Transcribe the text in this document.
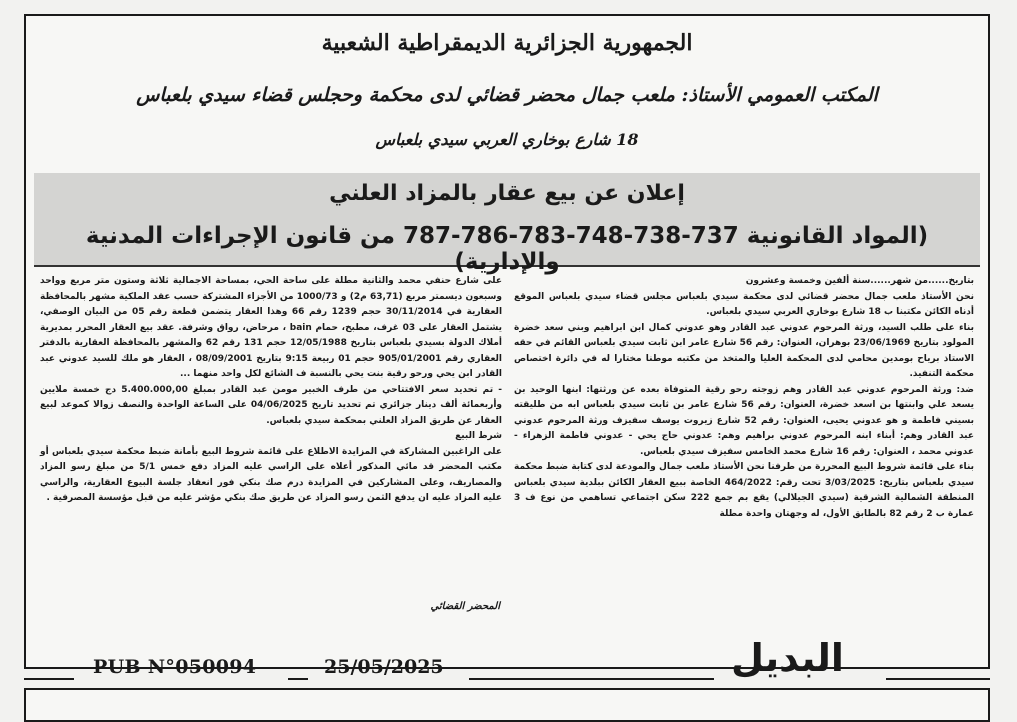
الجمهورية الجزائرية الديمقراطية الشعبية
المكتب العمومي الأستاذ: ملعب جمال محضر قضائي لدى محكمة وحجلس قضاء سيدي بلعباس
18 شارع بوخاري العربي سيدي بلعباس
إعلان عن بيع عقار بالمزاد العلني
(المواد القانونية 737-738-748-783-786-787 من قانون الإجراءات المدنية والإدارية)

بتاريخ......من شهر......سنة ألفين وخمسة وعشرون

نحن الأستاذ ملعب جمال محضر قضائي لدى محكمة سيدي بلعباس مجلس قضاء سيدي بلعباس الموقع أدناه الكائن مكتبنا ب 18 شارع بوخاري العربي سيدي بلعباس.

بناء على طلب السيد، ورثة المرحوم عدوني عبد القادر وهو عدوني كمال ابن ابراهيم وبني سعد خضرة المولود بتاريخ 23/06/1969 بوهران، العنوان: رقم 56 شارع عامر ابن ثابت سيدي بلعباس القائم في حقه الاستاذ برياح بومدين محامي لدى المحكمة العليا والمتخذ من مكتبه موطنا مختارا له في دائرة اختصاص محكمة التنفيذ.

ضد: ورثة المرحوم عدوني عبد القادر وهم زوجته رحو رقية المتوفاة بعده عن ورثتها: ابنها الوحيد بن يسعد علي وابنتها بن اسعد خضرة، العنوان: رقم 56 شارع عامر بن ثابت سيدي بلعباس ابه من طليقته بسيني فاطمة و هو عدوني يحيى، العنوان: رقم 52 شارع زيروت يوسف سفيزف ورثة المرحوم عدوني عبد القادر وهم: أبناء ابنه المرحوم عدوني براهيم وهم: عدوني حاج يحي - عدوني فاطمة الزهراء - عدوني محمد ، العنوان: رقم 16 شارع محمد الخامس سفيزف سيدي بلعباس.

بناء على قائمة شروط البيع المحررة من طرفنا نحن الأستاذ ملعب جمال والمودعة لدى كتابة ضبط محكمة سيدي بلعباس بتاريخ: 3/03/2025 تحت رقم: 464/2022 الخاصة ببيع العقار الكائن ببلدية سيدي بلعباس المنطقة الشمالية الشرقية (سيدي الجيلالي) يقع بم جمع 222 سكن اجتماعي تساهمي من نوع ف 3 عمارة ب 2 رقم 82 بالطابق الأول، له وجهتان واحدة مطلة

على شارع حنفي محمد والثانية مطلة على ساحة الحي، بمساحة الاجمالية ثلاثة وستون متر مربع وواحد وسبعون ديسمتر مربع (63,71 م2) و 1000/73 من الأجزاء المشتركة حسب عقد الملكية مشهر بالمحافظة العقارية في 30/11/2014 حجم 1239 رقم 66 وهذا العقار يتضمن قطعة رقم 05 من البيان الوصفي، يشتمل العقار على 03 غرف، مطبخ، حمام bain ، مرحاض، رواق وشرفة. عقد بيع العقار المحرر بمديرية أملاك الدولة بسيدي بلعباس بتاريخ 12/05/1988 حجم 131 رقم 62 والمشهر بالمحافظة العقارية بالدفتر العقاري رقم 905/01/2001 حجم 01 ربيعة 9:15 بتاريخ 08/09/2001 ، العقار هو ملك للسيد عدوني عبد القادر ابن يحي ورحو رقية بنت يحي بالنسبة ف الشائع لكل واحد منهما ...

- تم تحديد سعر الافتتاحي من طرف الخبير مومن عبد القادر بمبلغ 5.400.000,00 دج خمسة ملايين وأربعمائة ألف دينار جزائري تم تحديد تاريخ 04/06/2025 على الساعة الواحدة والنصف زوالا كموعد لبيع العقار عن طريق المزاد العلني بمحكمة سيدي بلعباس.

شرط البيع

على الراغبين المشاركة في المزايدة الاطلاع على قائمة شروط البيع بأمانة ضبط محكمة سيدي بلعباس أو مكتب المحضر قد مائي المذكور أعلاه على الراسي عليه المزاد دفع خمس 5/1 من مبلغ رسو المزاد والمصاريف، وعلى المشاركين في المزايدة درم صك بنكي فور انعقاد جلسة البيوع العقارية، والراسي عليه المزاد عليه ان يدفع الثمن رسو المزاد عن طريق صك بنكي مؤشر عليه من قبل مؤسسة المصرفية .

المحضر القضائي
PUB N°050094	25/05/2025	البديل
